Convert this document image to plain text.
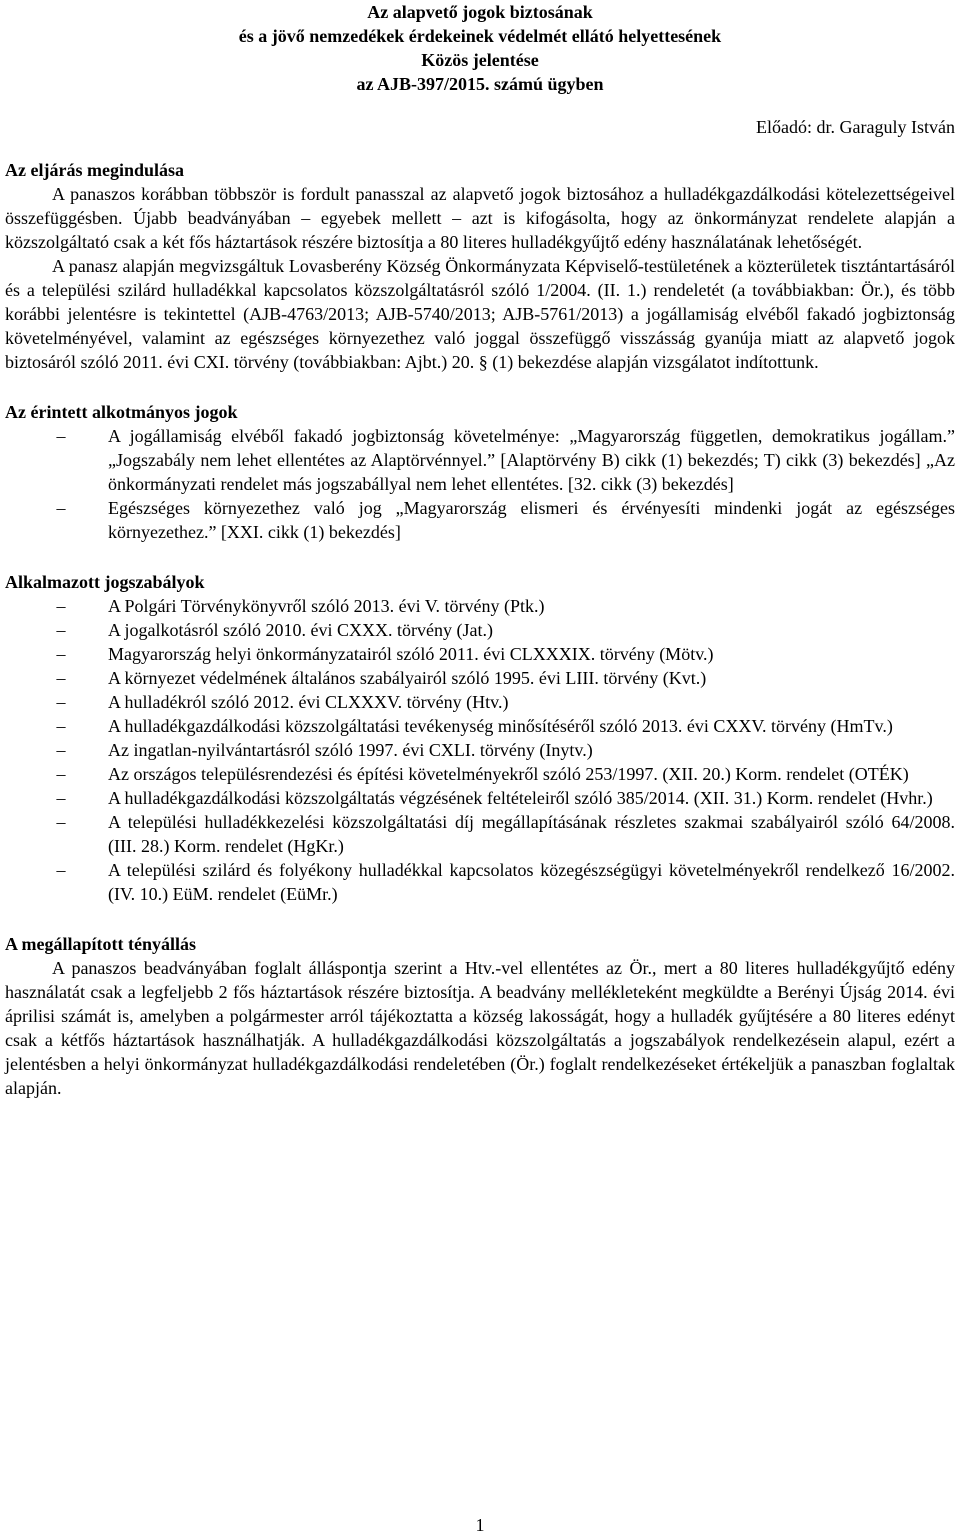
Az alapvető jogok biztosának
és a jövő nemzedékek érdekeinek védelmét ellátó helyettesének
Közös jelentése
az AJB-397/2015. számú ügyben
Előadó: dr. Garaguly István
Az eljárás megindulása
A panaszos korábban többször is fordult panasszal az alapvető jogok biztosához a hulladékgazdálkodási kötelezettségeivel összefüggésben. Újabb beadványában – egyebek mellett – azt is kifogásolta, hogy az önkormányzat rendelete alapján a közszolgáltató csak a két fős háztartások részére biztosítja a 80 literes hulladékgyűjtő edény használatának lehetőségét.
A panasz alapján megvizsgáltuk Lovasberény Község Önkormányzata Képviselő-testületének a közterületek tisztántartásáról és a települési szilárd hulladékkal kapcsolatos közszolgáltatásról szóló 1/2004. (II. 1.) rendeletét (a továbbiakban: Ör.), és több korábbi jelentésre is tekintettel (AJB-4763/2013; AJB-5740/2013; AJB-5761/2013) a jogállamiság elvéből fakadó jogbiztonság követelményével, valamint az egészséges környezethez való joggal összefüggő visszásság gyanúja miatt az alapvető jogok biztosáról szóló 2011. évi CXI. törvény (továbbiakban: Ajbt.) 20. § (1) bekezdése alapján vizsgálatot indítottunk.
Az érintett alkotmányos jogok
– A jogállamiság elvéből fakadó jogbiztonság követelménye: „Magyarország független, demokratikus jogállam.” „Jogszabály nem lehet ellentétes az Alaptörvénnyel.” [Alaptörvény B) cikk (1) bekezdés; T) cikk (3) bekezdés] „Az önkormányzati rendelet más jogszabállyal nem lehet ellentétes. [32. cikk (3) bekezdés]
– Egészséges környezethez való jog „Magyarország elismeri és érvényesíti mindenki jogát az egészséges környezethez.” [XXI. cikk (1) bekezdés]
Alkalmazott jogszabályok
– A Polgári Törvénykönyvről szóló 2013. évi V. törvény (Ptk.)
– A jogalkotásról szóló 2010. évi CXXX. törvény (Jat.)
– Magyarország helyi önkormányzatairól szóló 2011. évi CLXXXIX. törvény (Mötv.)
– A környezet védelmének általános szabályairól szóló 1995. évi LIII. törvény (Kvt.)
– A hulladékról szóló 2012. évi CLXXXV. törvény (Htv.)
– A hulladékgazdálkodási közszolgáltatási tevékenység minősítéséről szóló 2013. évi CXXV. törvény (HmTv.)
– Az ingatlan-nyilvántartásról szóló 1997. évi CXLI. törvény (Inytv.)
– Az országos településrendezési és építési követelményekről szóló 253/1997. (XII. 20.) Korm. rendelet (OTÉK)
– A hulladékgazdálkodási közszolgáltatás végzésének feltételeiről szóló 385/2014. (XII. 31.) Korm. rendelet (Hvhr.)
– A települési hulladékkezelési közszolgáltatási díj megállapításának részletes szakmai szabályairól szóló 64/2008. (III. 28.) Korm. rendelet (HgKr.)
– A települési szilárd és folyékony hulladékkal kapcsolatos közegészségügyi követelményekről rendelkező 16/2002. (IV. 10.) EüM. rendelet (EüMr.)
A megállapított tényállás
A panaszos beadványában foglalt álláspontja szerint a Htv.-vel ellentétes az Ör., mert a 80 literes hulladékgyűjtő edény használatát csak a legfeljebb 2 fős háztartások részére biztosítja. A beadvány mellékleteként megküldte a Berényi Újság 2014. évi áprilisi számát is, amelyben a polgármester arról tájékoztatta a község lakosságát, hogy a hulladék gyűjtésére a 80 literes edényt csak a kétfős háztartások használhatják. A hulladékgazdálkodási közszolgáltatás a jogszabályok rendelkezésein alapul, ezért a jelentésben a helyi önkormányzat hulladékgazdálkodási rendeletében (Ör.) foglalt rendelkezéseket értékeljük a panaszban foglaltak alapján.
1
